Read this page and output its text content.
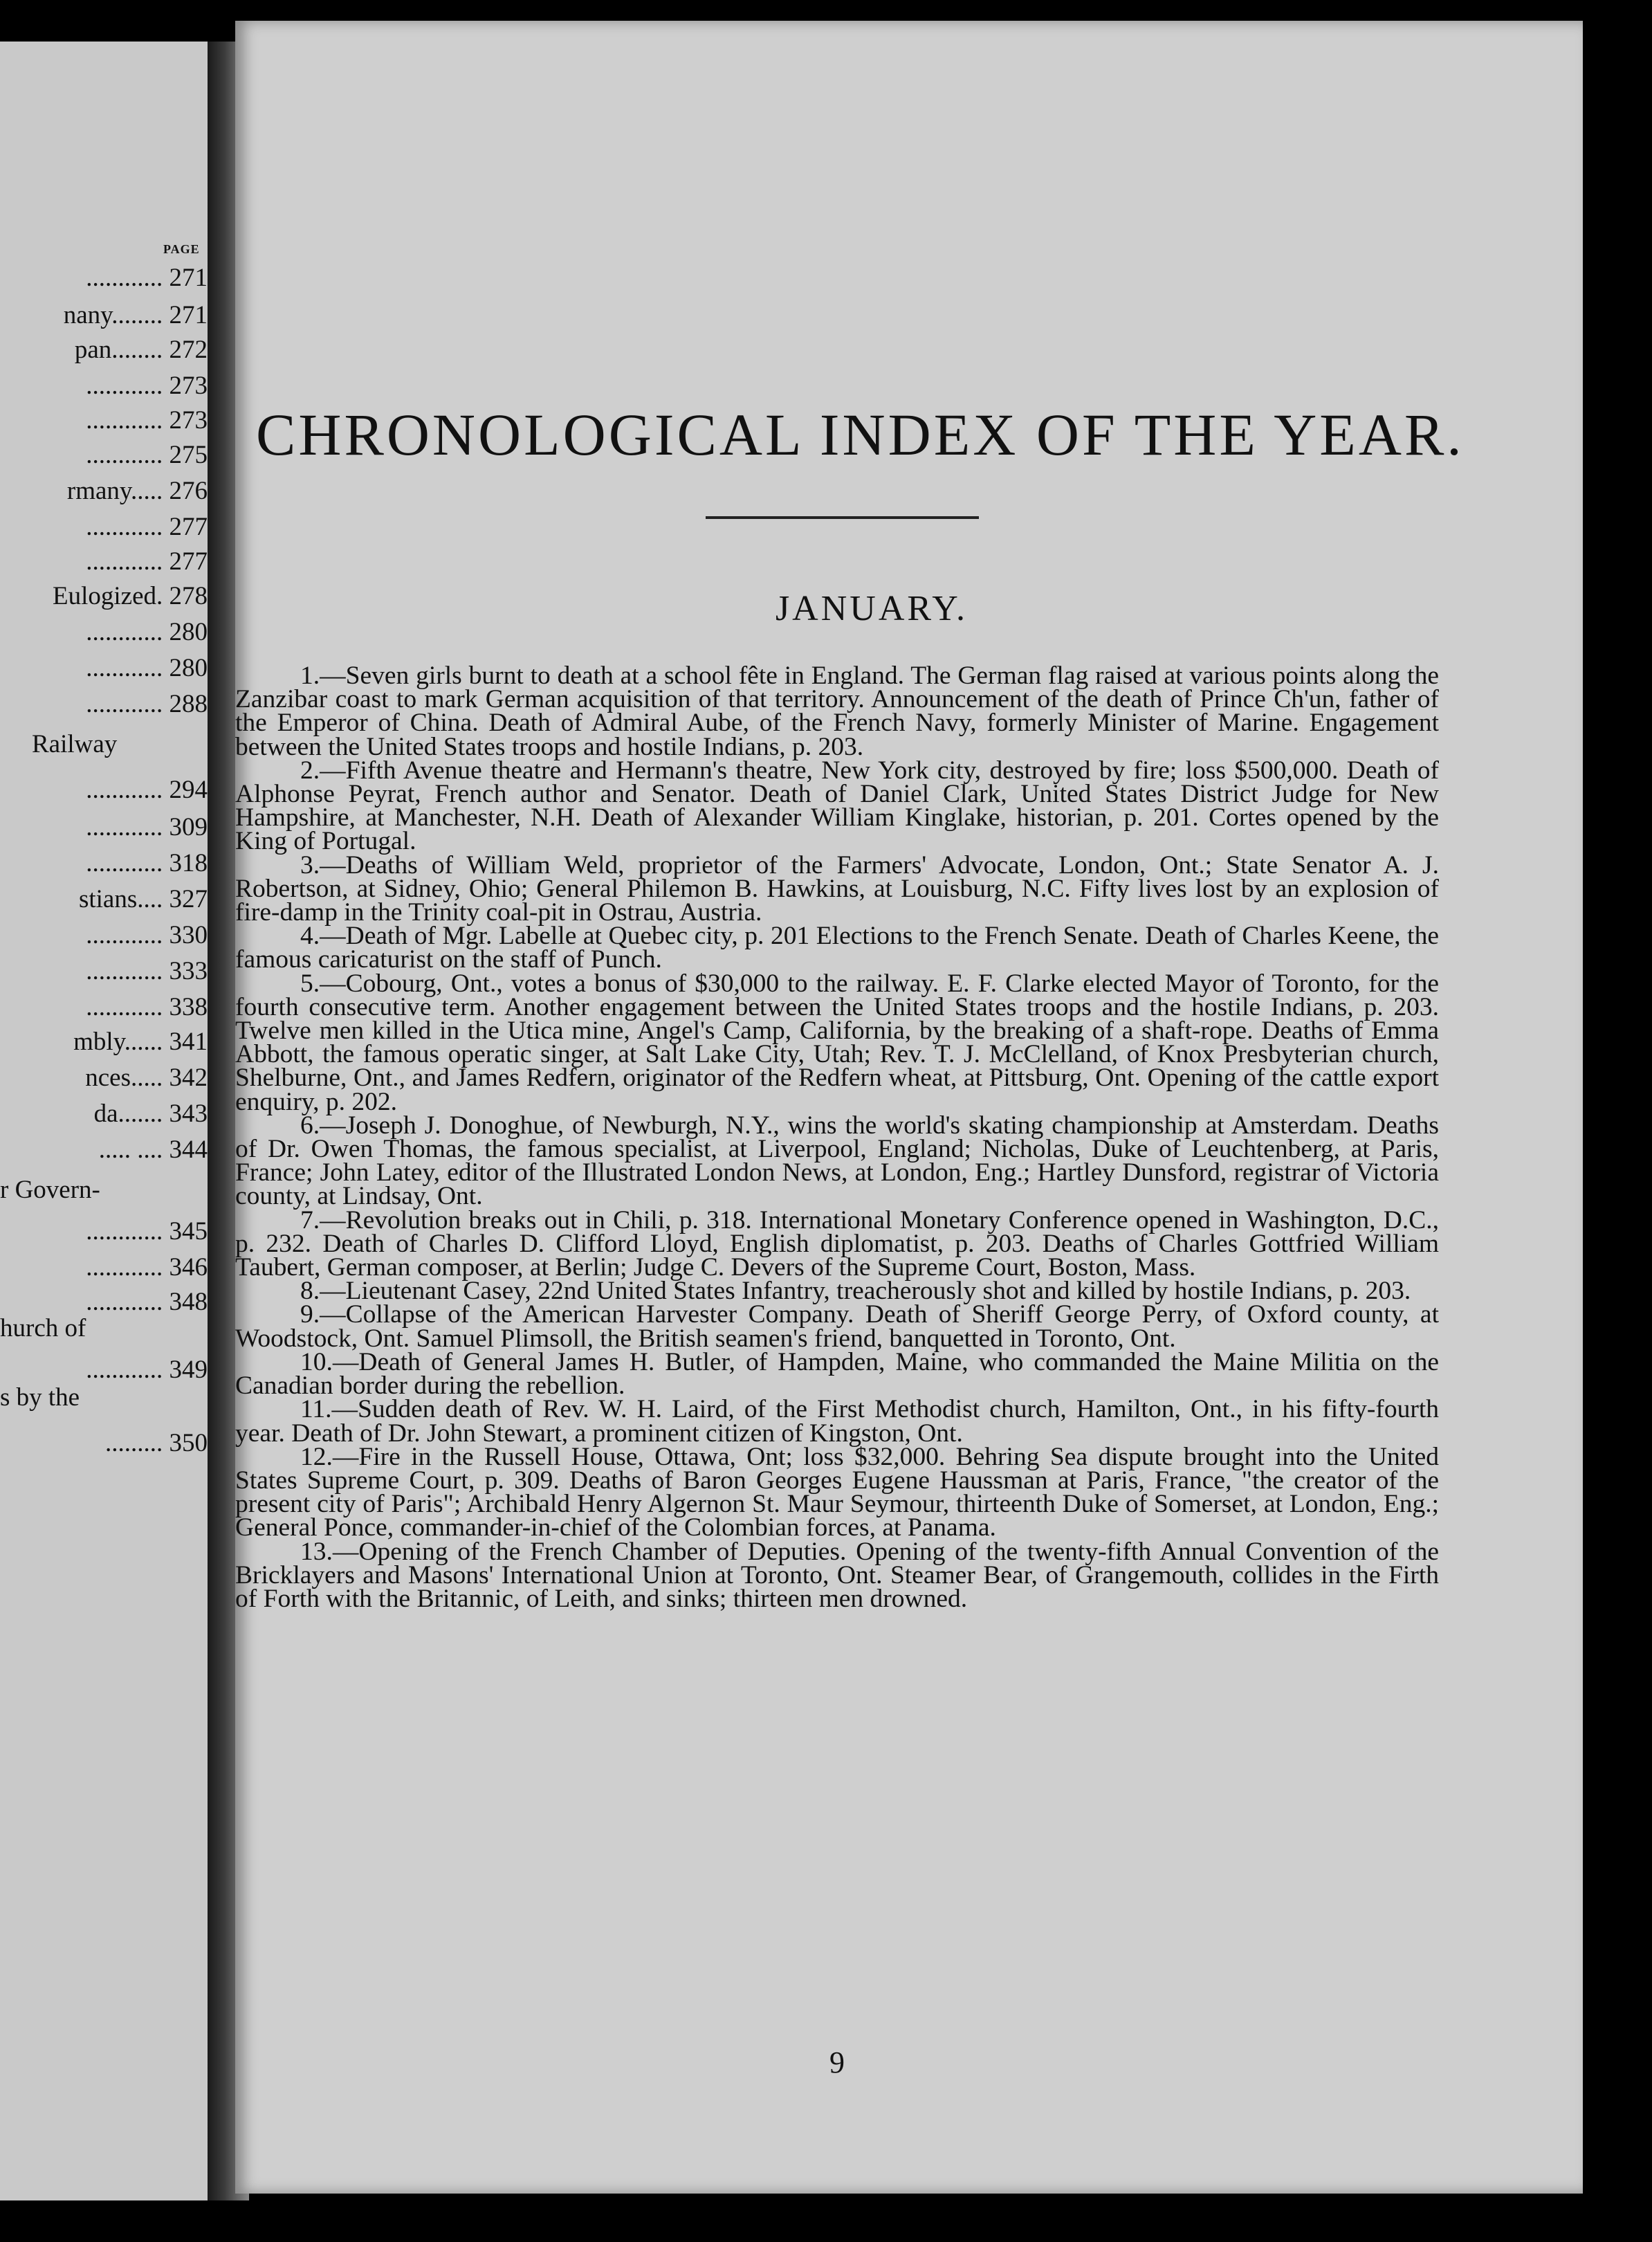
PAGE
............ 271
nany........ 271
pan........ 272
............ 273
............ 273
............ 275
rmany..... 276
............ 277
............ 277
Eulogized. 278
............ 280
............ 280
............ 288
Railway
............ 294
............ 309
............ 318
stians.... 327
............ 330
............ 333
............ 338
mbly...... 341
nces..... 342
da....... 343
..... .... 344
r Govern-
............ 345
............ 346
............ 348
hurch of
............ 349
s by the
......... 350
CHRONOLOGICAL INDEX OF THE YEAR.
JANUARY.

1.—Seven girls burnt to death at a school fête in England. The German flag raised at various points along the Zanzibar coast to mark German acquisition of that territory. Announcement of the death of Prince Ch'un, father of the Emperor of China. Death of Admiral Aube, of the French Navy, formerly Minister of Marine. Engagement between the United States troops and hostile Indians, p. 203.

2.—Fifth Avenue theatre and Hermann's theatre, New York city, destroyed by fire; loss $500,000. Death of Alphonse Peyrat, French author and Senator. Death of Daniel Clark, United States District Judge for New Hampshire, at Manchester, N.H. Death of Alexander William Kinglake, historian, p. 201. Cortes opened by the King of Portugal.

3.—Deaths of William Weld, proprietor of the Farmers' Advocate, London, Ont.; State Senator A. J. Robertson, at Sidney, Ohio; General Philemon B. Hawkins, at Louisburg, N.C. Fifty lives lost by an explosion of fire-damp in the Trinity coal-pit in Ostrau, Austria.

4.—Death of Mgr. Labelle at Quebec city, p. 201 Elections to the French Senate. Death of Charles Keene, the famous caricaturist on the staff of Punch.

5.—Cobourg, Ont., votes a bonus of $30,000 to the railway. E. F. Clarke elected Mayor of Toronto, for the fourth consecutive term. Another engagement between the United States troops and the hostile Indians, p. 203. Twelve men killed in the Utica mine, Angel's Camp, California, by the breaking of a shaft-rope. Deaths of Emma Abbott, the famous operatic singer, at Salt Lake City, Utah; Rev. T. J. McClelland, of Knox Presbyterian church, Shelburne, Ont., and James Redfern, originator of the Redfern wheat, at Pittsburg, Ont. Opening of the cattle export enquiry, p. 202.

6.—Joseph J. Donoghue, of Newburgh, N.Y., wins the world's skating championship at Amsterdam. Deaths of Dr. Owen Thomas, the famous specialist, at Liverpool, England; Nicholas, Duke of Leuchtenberg, at Paris, France; John Latey, editor of the Illustrated London News, at London, Eng.; Hartley Dunsford, registrar of Victoria county, at Lindsay, Ont.

7.—Revolution breaks out in Chili, p. 318. International Monetary Conference opened in Washington, D.C., p. 232. Death of Charles D. Clifford Lloyd, English diplomatist, p. 203. Deaths of Charles Gottfried William Taubert, German composer, at Berlin; Judge C. Devers of the Supreme Court, Boston, Mass.

8.—Lieutenant Casey, 22nd United States Infantry, treacherously shot and killed by hostile Indians, p. 203.

9.—Collapse of the American Harvester Company. Death of Sheriff George Perry, of Oxford county, at Woodstock, Ont. Samuel Plimsoll, the British seamen's friend, banquetted in Toronto, Ont.

10.—Death of General James H. Butler, of Hampden, Maine, who commanded the Maine Militia on the Canadian border during the rebellion.

11.—Sudden death of Rev. W. H. Laird, of the First Methodist church, Hamilton, Ont., in his fifty-fourth year. Death of Dr. John Stewart, a prominent citizen of Kingston, Ont.

12.—Fire in the Russell House, Ottawa, Ont; loss $32,000. Behring Sea dispute brought into the United States Supreme Court, p. 309. Deaths of Baron Georges Eugene Haussman at Paris, France, "the creator of the present city of Paris"; Archibald Henry Algernon St. Maur Seymour, thirteenth Duke of Somerset, at London, Eng.; General Ponce, commander-in-chief of the Colombian forces, at Panama.

13.—Opening of the French Chamber of Deputies. Opening of the twenty-fifth Annual Convention of the Bricklayers and Masons' International Union at Toronto, Ont. Steamer Bear, of Grangemouth, collides in the Firth of Forth with the Britannic, of Leith, and sinks; thirteen men drowned.

9
